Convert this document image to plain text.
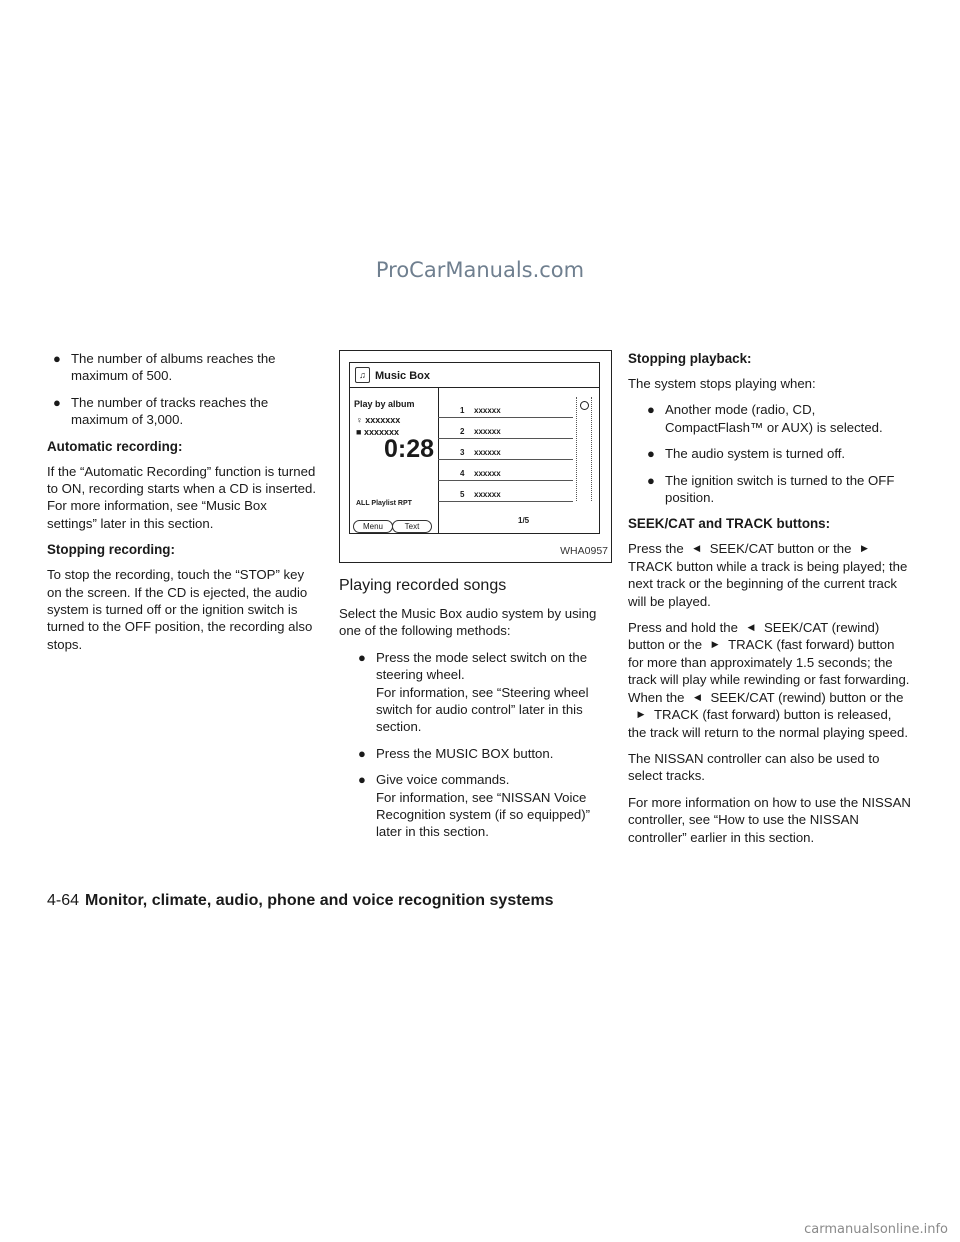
ProCarManuals.com
● The number of albums reaches the maximum of 500.
● The number of tracks reaches the maximum of 3,000.
Automatic recording:

If the “Automatic Recording” function is turned to ON, recording starts when a CD is inserted. For more information, see “Music Box settings” later in this section.

Stopping recording:

To stop the recording, touch the “STOP” key on the screen. If the CD is ejected, the audio system is turned off or the ignition switch is turned to the OFF position, the recording also stops.

♫ Music Box
Play by album
♀ xxxxxxx
■ xxxxxxx
0:28
ALL Playlist RPT
Menu	Text
1 xxxxxx
2 xxxxxx
3 xxxxxx
4 xxxxxx
5 xxxxxx
1/5
WHA0957
Playing recorded songs

Select the Music Box audio system by using one of the following methods:

● Press the mode select switch on the steering wheel.
For information, see “Steering wheel switch for audio control” later in this section.
● Press the MUSIC BOX button.
● Give voice commands.
For information, see “NISSAN Voice Recognition system (if so equipped)” later in this section.
Stopping playback:

The system stops playing when:

● Another mode (radio, CD, CompactFlash™ or AUX) is selected.
● The audio system is turned off.
● The ignition switch is turned to the OFF position.
SEEK/CAT and TRACK buttons:

Press the ◀ SEEK/CAT button or the ▶TRACK button while a track is being played; the next track or the beginning of the current track will be played.

Press and hold the ◀ SEEK/CAT (rewind) button or the ▶ TRACK (fast forward) button for more than approximately 1.5 seconds; the track will play while rewinding or fast forwarding. When the ◀ SEEK/CAT (rewind) button or the▶ TRACK (fast forward) button is released, the track will return to the normal playing speed.

The NISSAN controller can also be used to select tracks.

For more information on how to use the NISSAN controller, see “How to use the NISSAN controller” earlier in this section.

4-64 Monitor, climate, audio, phone and voice recognition systems
carmanualsonline.info
